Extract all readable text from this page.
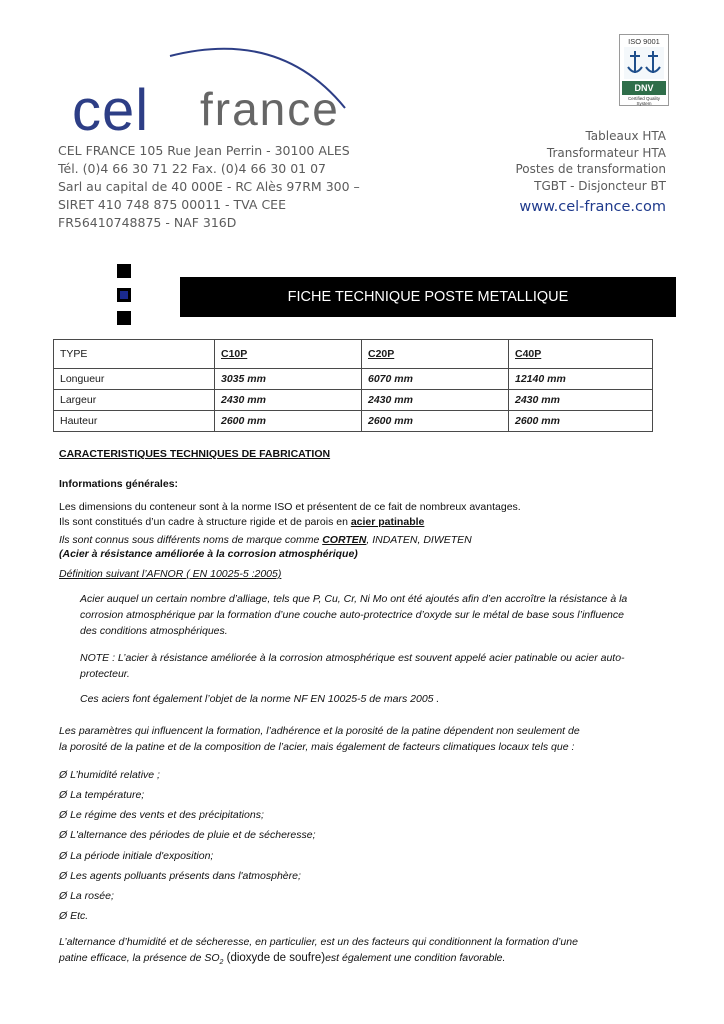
cel france
ISO 9001
DNV
Certified Quality System
CEL FRANCE 105 Rue Jean Perrin - 30100 ALES
Tél. (0)4 66 30 71 22 Fax. (0)4 66 30 01 07
Sarl au capital de 40 000E - RC Alès 97RM 300 –
SIRET 410 748 875 00011 - TVA CEE
FR56410748875 - NAF 316D
Tableaux HTA
Transformateur HTA
Postes de transformation
TGBT - Disjoncteur BT
www.cel-france.com
FICHE TECHNIQUE POSTE METALLIQUE
TYPE	C10P	C20P	C40P
Longueur	3035 mm	6070 mm	12140 mm
Largeur	2430 mm	2430 mm	2430 mm
Hauteur	2600 mm	2600 mm	2600 mm
CARACTERISTIQUES TECHNIQUES DE FABRICATION
Informations générales:
Les dimensions du conteneur sont à la norme ISO et présentent de ce fait de nombreux avantages.
Ils sont constitués d’un cadre à structure rigide et de parois en acier patinable
Ils sont connus sous différents noms de marque comme CORTEN, INDATEN, DIWETEN
(Acier à résistance améliorée à la corrosion atmosphérique)
Définition suivant l’AFNOR ( EN 10025-5 :2005)
Acier auquel un certain nombre d’alliage, tels que P, Cu, Cr, Ni Mo ont été ajoutés afin d’en accroître la résistance à la
corrosion atmosphérique par la formation d’une couche auto-protectrice d’oxyde sur le métal de base sous l’influence
des conditions atmosphériques.
NOTE : L’acier à résistance améliorée à la corrosion atmosphérique est souvent appelé acier patinable ou acier auto-
protecteur.
Ces aciers font également l’objet de la norme NF EN 10025-5 de mars 2005 .
Les paramètres qui influencent la formation, l’adhérence et la porosité de la patine dépendent non seulement de
la porosité de la patine et de la composition de l’acier, mais également de facteurs climatiques locaux tels que :
Ø L’humidité relative ;
Ø La température;
Ø Le régime des vents et des précipitations;
Ø L'alternance des périodes de pluie et de sécheresse;
Ø La période initiale d'exposition;
Ø Les agents polluants présents dans l'atmosphère;
Ø La rosée;
Ø Etc.
L’alternance d’humidité et de sécheresse, en particulier, est un des facteurs qui conditionnent la formation d’une
patine efficace, la présence de $SO_2$ (dioxyde de soufre)est également une condition favorable.
